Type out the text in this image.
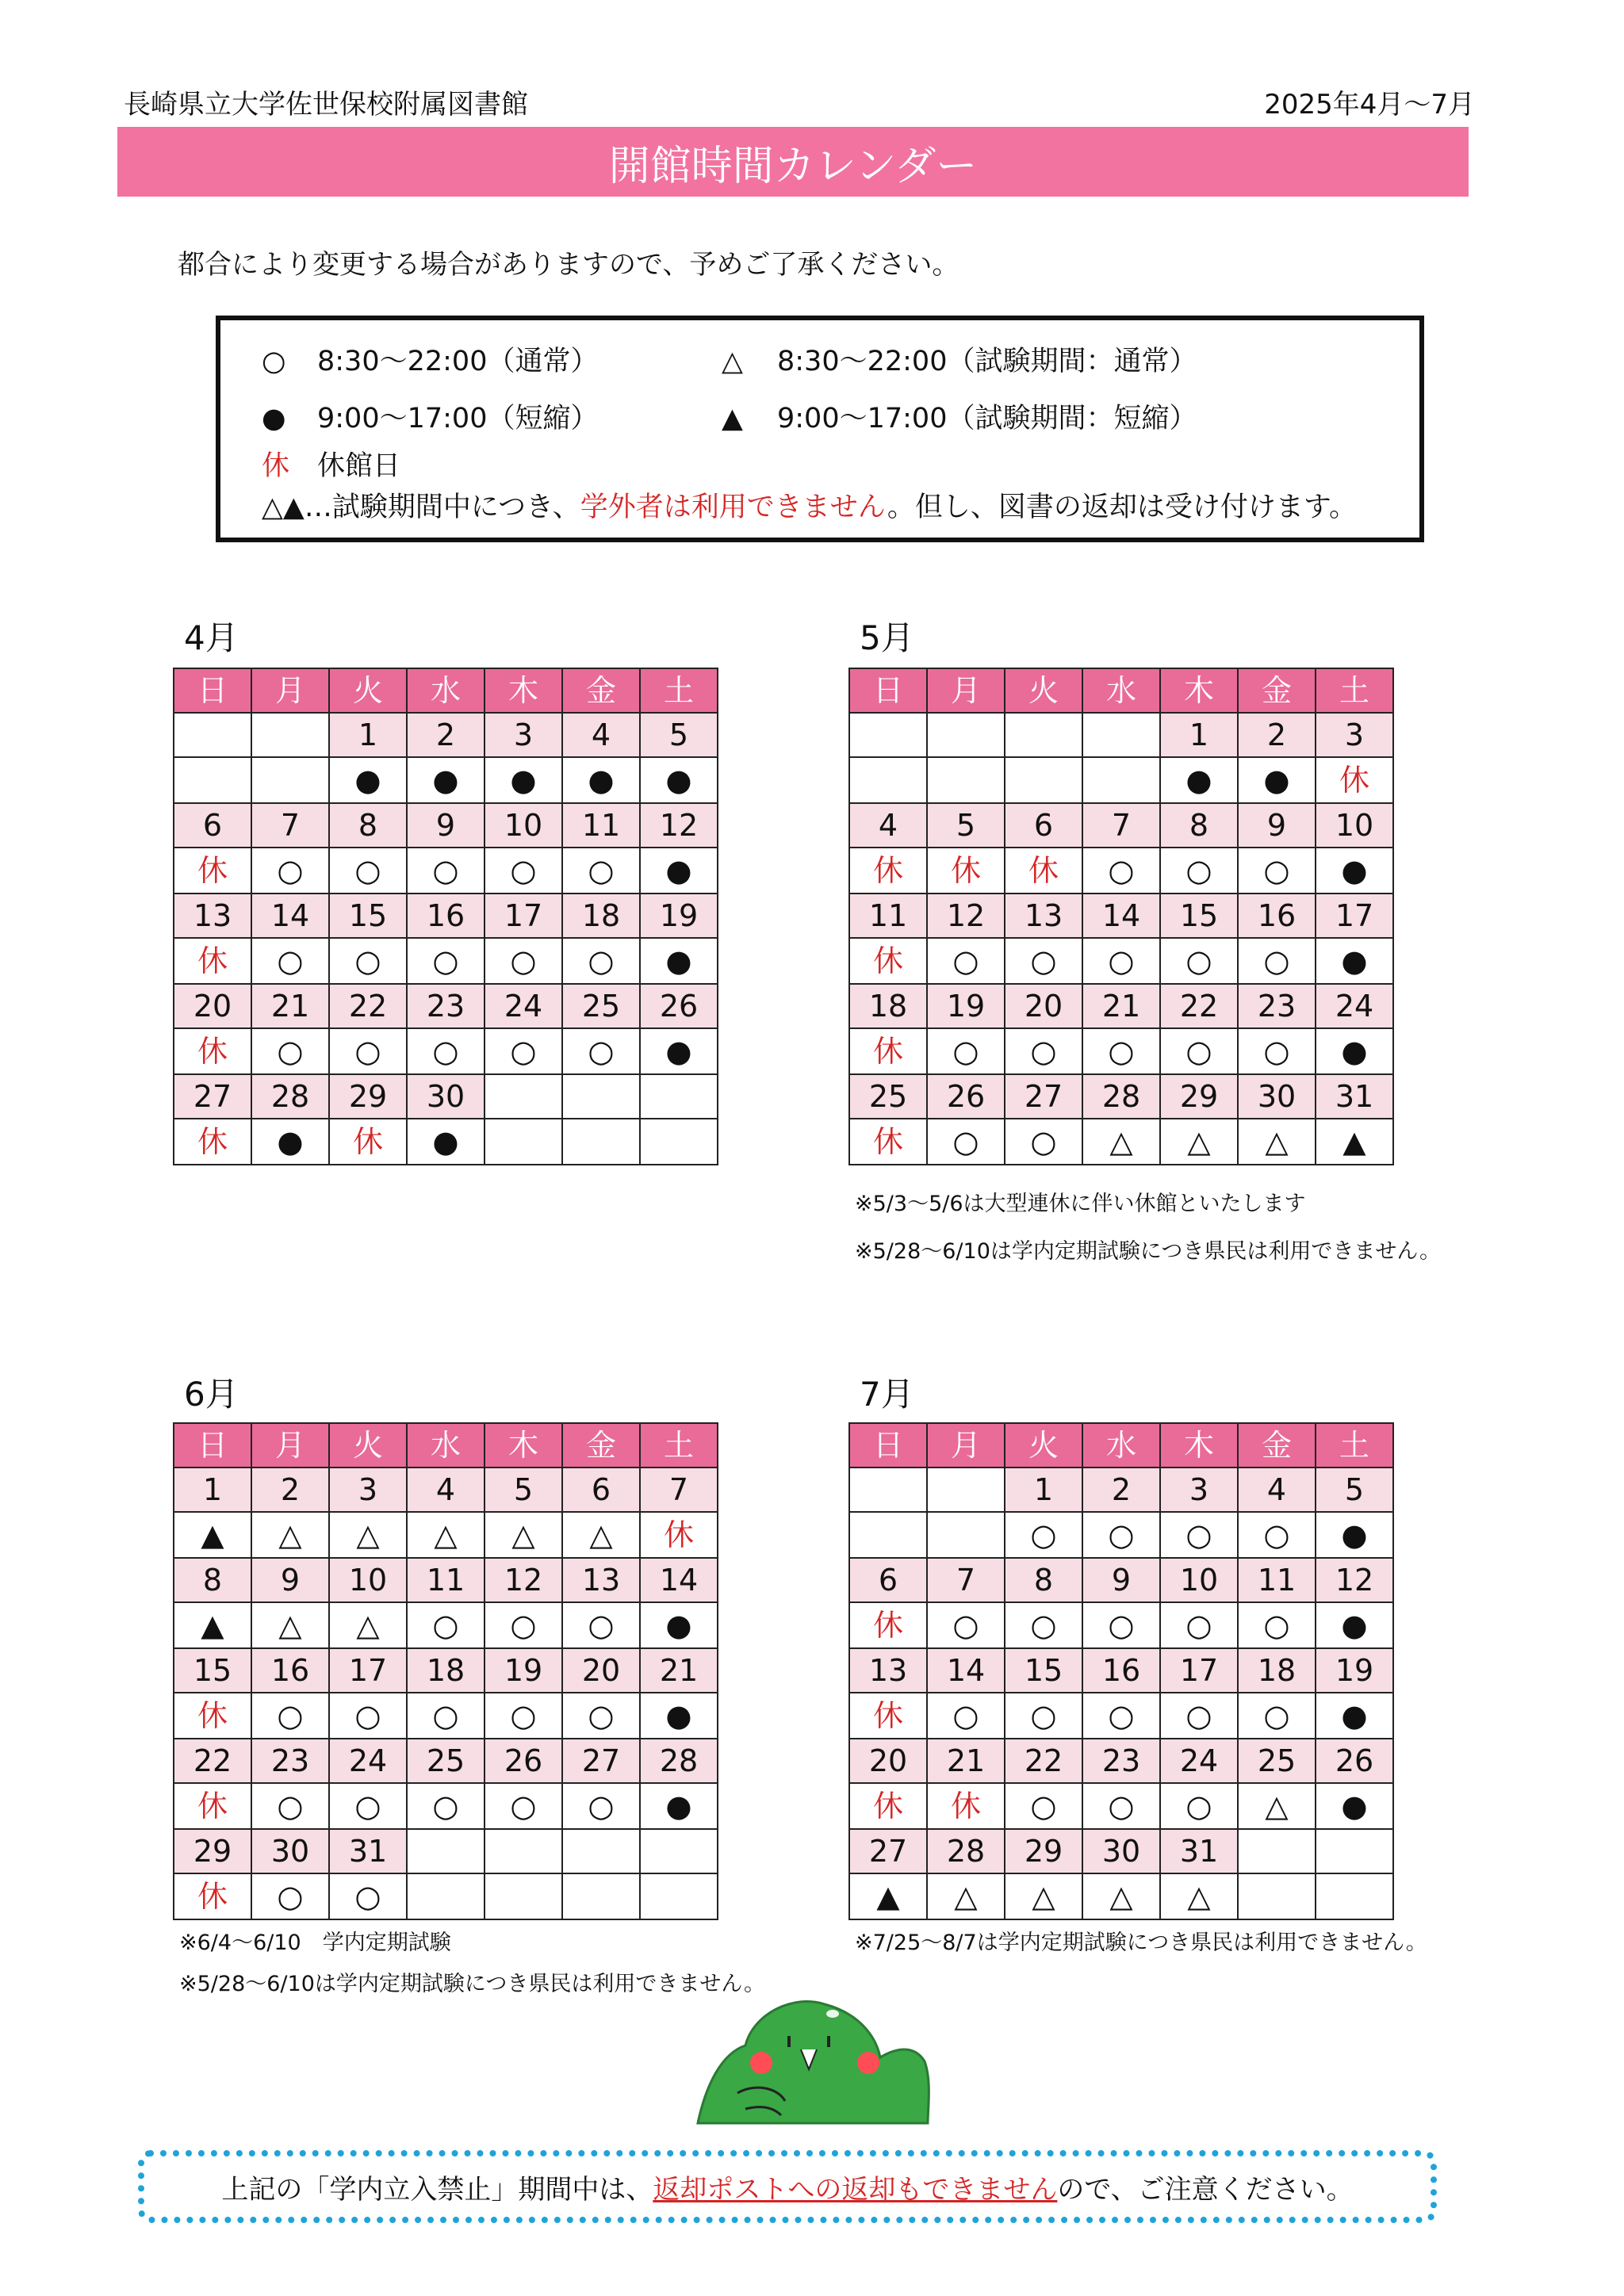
長崎県立大学佐世保校附属図書館	2025年4月～7月
開館時間カレンダー
都合により変更する場合がありますので、予めご了承ください。
○ 8:30～22:00（通常）	△ 8:30～22:00（試験期間：通常）
● 9:00～17:00（短縮）	▲ 9:00～17:00（試験期間：短縮）
休 休館日
△▲…試験期間中につき、学外者は利用できません。但し、図書の返却は受け付けます。
4月
日	月	火	水	木	金	土
		1	2	3	4	5
		●	●	●	●	●
6	7	8	9	10	11	12
休	○	○	○	○	○	●
13	14	15	16	17	18	19
休	○	○	○	○	○	●
20	21	22	23	24	25	26
休	○	○	○	○	○	●
27	28	29	30			
休	●	休	●			
5月
日	月	火	水	木	金	土
				1	2	3
				●	●	休
4	5	6	7	8	9	10
休	休	休	○	○	○	●
11	12	13	14	15	16	17
休	○	○	○	○	○	●
18	19	20	21	22	23	24
休	○	○	○	○	○	●
25	26	27	28	29	30	31
休	○	○	△	△	△	▲
※5/3～5/6は大型連休に伴い休館といたします
※5/28～6/10は学内定期試験につき県民は利用できません。
6月
日	月	火	水	木	金	土
1	2	3	4	5	6	7
▲	△	△	△	△	△	休
8	9	10	11	12	13	14
▲	△	△	○	○	○	●
15	16	17	18	19	20	21
休	○	○	○	○	○	●
22	23	24	25	26	27	28
休	○	○	○	○	○	●
29	30	31				
休	○	○				
※6/4～6/10　学内定期試験
※5/28～6/10は学内定期試験につき県民は利用できません。
7月
日	月	火	水	木	金	土
		1	2	3	4	5
		○	○	○	○	●
6	7	8	9	10	11	12
休	○	○	○	○	○	●
13	14	15	16	17	18	19
休	○	○	○	○	○	●
20	21	22	23	24	25	26
休	休	○	○	○	△	●
27	28	29	30	31		
▲	△	△	△	△		
※7/25～8/7は学内定期試験につき県民は利用できません。
上記の「学内立入禁止」期間中は、 返却ポストへの返却もできません ので、ご注意ください。
